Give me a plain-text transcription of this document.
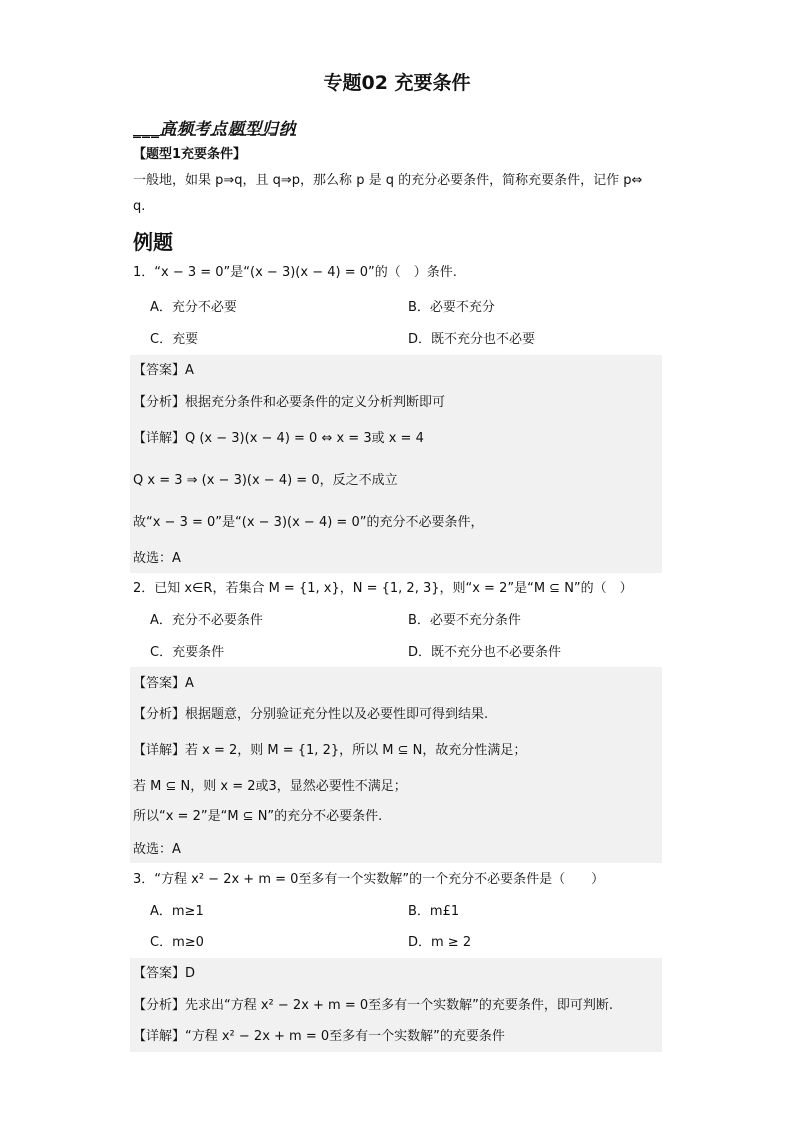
专题02 充要条件
___高频考点题型归纳
【题型1充要条件】
一般地，如果 p⇒q，且 q⇒p，那么称 p 是 q 的充分必要条件，简称充要条件，记作 p⇔
q.
例题
1．“x − 3 = 0”是“(x − 3)(x − 4) = 0”的（　）条件.
A．充分不必要	B．必要不充分
C．充要	D．既不充分也不必要
【答案】A
【分析】根据充分条件和必要条件的定义分析判断即可
【详解】Q (x − 3)(x − 4) = 0 ⇔ x = 3或 x = 4
Q x = 3 ⇒ (x − 3)(x − 4) = 0，反之不成立
故“x − 3 = 0”是“(x − 3)(x − 4) = 0”的充分不必要条件，
故选：A
2．已知 x∈R，若集合 M = {1, x}，N = {1, 2, 3}，则“x = 2”是“M ⊆ N”的（　）
A．充分不必要条件	B．必要不充分条件
C．充要条件	D．既不充分也不必要条件
【答案】A
【分析】根据题意，分别验证充分性以及必要性即可得到结果.
【详解】若 x = 2，则 M = {1, 2}，所以 M ⊆ N，故充分性满足；
若 M ⊆ N，则 x = 2或3，显然必要性不满足；
所以“x = 2”是“M ⊆ N”的充分不必要条件.
故选：A
3．“方程 x² − 2x + m = 0至多有一个实数解”的一个充分不必要条件是（　　）
A．m≥1	B．m£1
C．m≥0	D．m ≥ 2
【答案】D
【分析】先求出“方程 x² − 2x + m = 0至多有一个实数解”的充要条件，即可判断.
【详解】“方程 x² − 2x + m = 0至多有一个实数解”的充要条件
